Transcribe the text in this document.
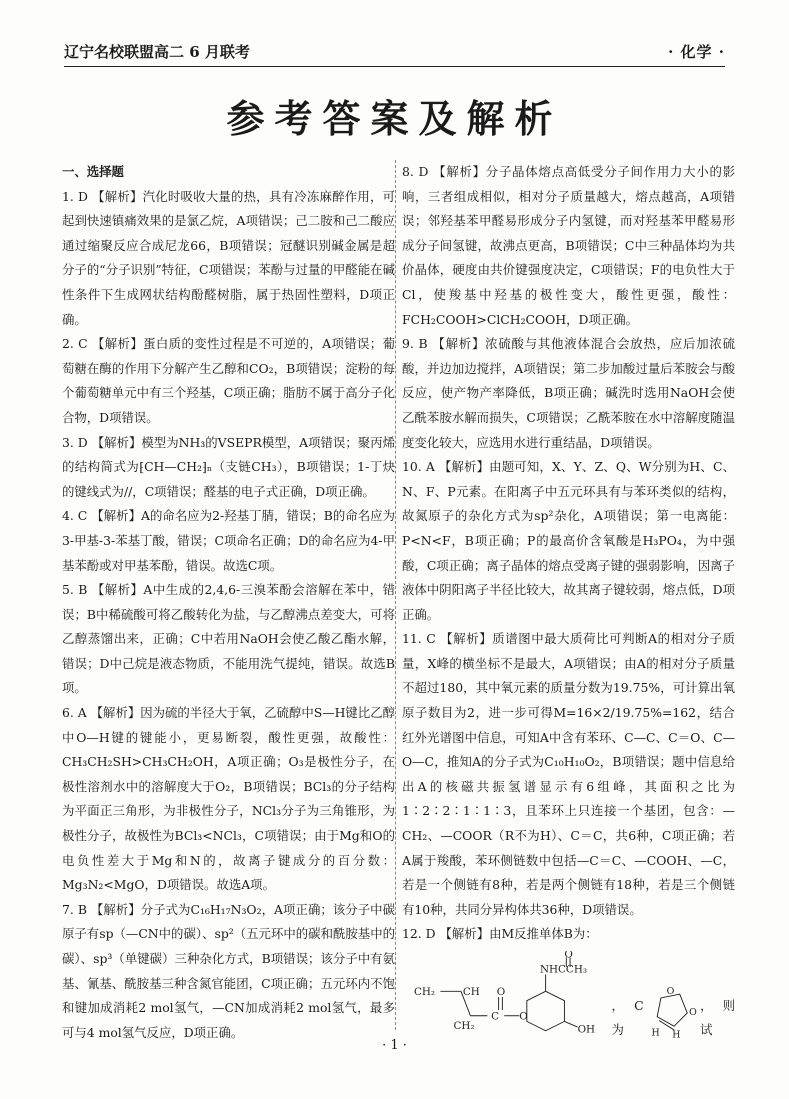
辽宁名校联盟高二 6 月联考	· 化学 ·
参考答案及解析
一、选择题

1. D 【解析】汽化时吸收大量的热，具有冷冻麻醉作用，可起到快速镇痛效果的是氯乙烷，A项错误；己二胺和己二酸应通过缩聚反应合成尼龙66，B项错误；冠醚识别碱金属是超分子的“分子识别”特征，C项错误；苯酚与过量的甲醛能在碱性条件下生成网状结构酚醛树脂，属于热固性塑料，D项正确。

2. C 【解析】蛋白质的变性过程是不可逆的，A项错误；葡萄糖在酶的作用下分解产生乙醇和CO₂，B项错误；淀粉的每个葡萄糖单元中有三个羟基，C项正确；脂肪不属于高分子化合物，D项错误。

3. D 【解析】模型为NH₃的VSEPR模型，A项错误；聚丙烯的结构简式为⁅CH—CH₂⁆ₙ（支链CH₃），B项错误；1-丁炔的键线式为∕∕，C项错误；醛基的电子式正确，D项正确。

4. C 【解析】A的命名应为2-羟基丁腈，错误；B的命名应为3-甲基-3-苯基丁酸，错误；C项命名正确；D的命名应为4-甲基苯酚或对甲基苯酚，错误。故选C项。

5. B 【解析】A中生成的2,4,6-三溴苯酚会溶解在苯中，错误；B中稀硫酸可将乙酸转化为盐，与乙醇沸点差变大，可将乙醇蒸馏出来，正确；C中若用NaOH会使乙酸乙酯水解，错误；D中己烷是液态物质，不能用洗气提纯，错误。故选B项。

6. A 【解析】因为硫的半径大于氧，乙硫醇中S—H键比乙醇中O—H键的键能小，更易断裂，酸性更强，故酸性：CH₃CH₂SH>CH₃CH₂OH，A项正确；O₃是极性分子，在极性溶剂水中的溶解度大于O₂，B项错误；BCl₃的分子结构为平面正三角形，为非极性分子，NCl₃分子为三角锥形，为极性分子，故极性为BCl₃<NCl₃，C项错误；由于Mg和O的电负性差大于Mg和N的，故离子键成分的百分数：Mg₃N₂<MgO，D项错误。故选A项。

7. B 【解析】分子式为C₁₆H₁₇N₃O₂，A项正确；该分子中碳原子有sp（—CN中的碳）、sp²（五元环中的碳和酰胺基中的碳）、sp³（单键碳）三种杂化方式，B项错误；该分子中有氨基、氰基、酰胺基三种含氮官能团，C项正确；五元环内不饱和键加成消耗2 mol氢气，—CN加成消耗2 mol氢气，最多可与4 mol氢气反应，D项正确。

8. D 【解析】分子晶体熔点高低受分子间作用力大小的影响，三者组成相似，相对分子质量越大，熔点越高，A项错误；邻羟基苯甲醛易形成分子内氢键，而对羟基苯甲醛易形成分子间氢键，故沸点更高，B项错误；C中三种晶体均为共价晶体，硬度由共价键强度决定，C项错误；F的电负性大于Cl，使羧基中羟基的极性变大，酸性更强，酸性：FCH₂COOH>ClCH₂COOH，D项正确。

9. B 【解析】浓硫酸与其他液体混合会放热，应后加浓硫酸，并边加边搅拌，A项错误；第二步加酸过量后苯胺会与酸反应，使产物产率降低，B项正确；碱洗时选用NaOH会使乙酰苯胺水解而损失，C项错误；乙酰苯胺在水中溶解度随温度变化较大，应选用水进行重结晶，D项错误。

10. A 【解析】由题可知，X、Y、Z、Q、W分别为H、C、N、F、P元素。在阳离子中五元环具有与苯环类似的结构，故氮原子的杂化方式为sp²杂化，A项错误；第一电离能：P<N<F，B项正确；P的最高价含氧酸是H₃PO₄，为中强酸，C项正确；离子晶体的熔点受离子键的强弱影响，因离子液体中阴阳离子半径比较大，故其离子键较弱，熔点低，D项正确。

11. C 【解析】质谱图中最大质荷比可判断A的相对分子质量，X峰的横坐标不是最大，A项错误；由A的相对分子质量不超过180，其中氧元素的质量分数为19.75%，可计算出氧原子数目为2，进一步可得M=16×2/19.75%=162，结合红外光谱图中信息，可知A中含有苯环、C—C、C＝O、C—O—C，推知A的分子式为C₁₀H₁₀O₂，B项错误；题中信息给出A的核磁共振氢谱显示有6组峰，其面积之比为1∶2∶2∶1∶1∶3，且苯环上只连接一个基团，包含：—CH₂、—COOR（R不为H）、C＝C，共6种，C项正确；若A属于羧酸，苯环侧链数中包括—C＝C、—COOH、—C，若是一个侧链有8种，若是两个侧链有18种，若是三个侧链有10种，共同分异构体共36种，D项错误。

12. D 【解析】由M反推单体B为：

CH₂	CH
CH₂
C
O
O
NHCCH₃
O
OH
，C为
O
O
H H
，则试
· 1 ·
